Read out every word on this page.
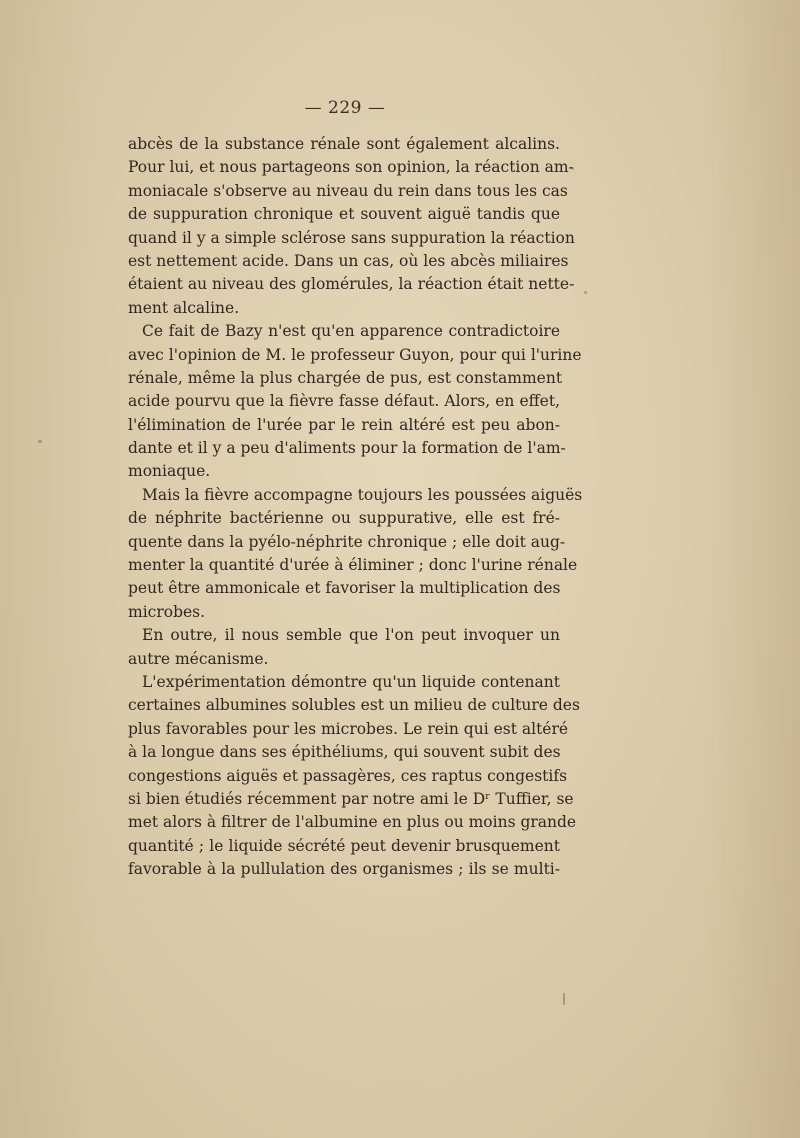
— 229 —
abcès de la substance rénale sont également alcalins.
Pour lui, et nous partageons son opinion, la réaction am-
moniacale s'observe au niveau du rein dans tous les cas
de suppuration chronique et souvent aiguë tandis que
quand il y a simple sclérose sans suppuration la réaction
est nettement acide. Dans un cas, où les abcès miliaires
étaient au niveau des glomérules, la réaction était nette-
ment alcaline.
Ce fait de Bazy n'est qu'en apparence contradictoire
avec l'opinion de M. le professeur Guyon, pour qui l'urine
rénale, même la plus chargée de pus, est constamment
acide pourvu que la fièvre fasse défaut. Alors, en effet,
l'élimination de l'urée par le rein altéré est peu abon-
dante et il y a peu d'aliments pour la formation de l'am-
moniaque.
Mais la fièvre accompagne toujours les poussées aiguës
de néphrite bactérienne ou suppurative, elle est fré-
quente dans la pyélo-néphrite chronique ; elle doit aug-
menter la quantité d'urée à éliminer ; donc l'urine rénale
peut être ammonicale et favoriser la multiplication des
microbes.
En outre, il nous semble que l'on peut invoquer un
autre mécanisme.
L'expérimentation démontre qu'un liquide contenant
certaines albumines solubles est un milieu de culture des
plus favorables pour les microbes. Le rein qui est altéré
à la longue dans ses épithéliums, qui souvent subit des
congestions aiguës et passagères, ces raptus congestifs
si bien étudiés récemment par notre ami le Dʳ Tuffier, se
met alors à filtrer de l'albumine en plus ou moins grande
quantité ; le liquide sécrété peut devenir brusquement
favorable à la pullulation des organismes ; ils se multi-
